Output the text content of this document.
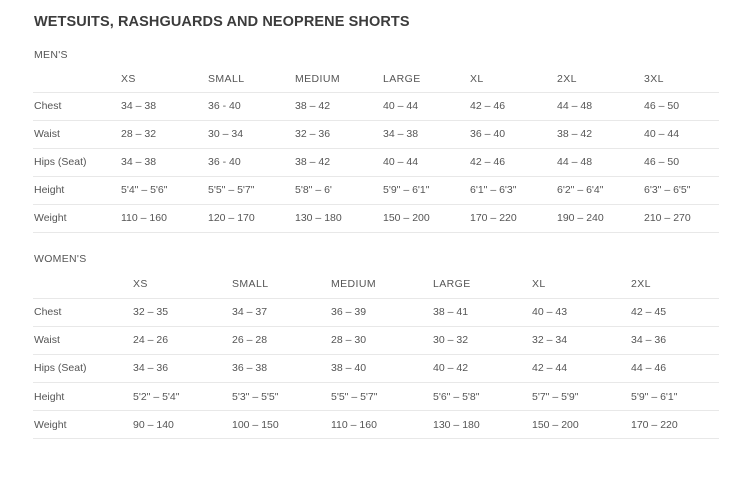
WETSUITS, RASHGUARDS AND NEOPRENE SHORTS
MEN'S
	XS	SMALL	MEDIUM	LARGE	XL	2XL	3XL
Chest	34 – 38	36 - 40	38 – 42	40 – 44	42 – 46	44 – 48	46 – 50
Waist	28 – 32	30 – 34	32 – 36	34 – 38	36 – 40	38 – 42	40 – 44
Hips (Seat)	34 – 38	36 - 40	38 – 42	40 – 44	42 – 46	44 – 48	46 – 50
Height	5'4" – 5'6"	5'5" – 5'7"	5'8" – 6'	5'9" – 6'1"	6'1" – 6'3"	6'2" – 6'4"	6'3" – 6'5"
Weight	110 – 160	120 – 170	130 – 180	150 – 200	170 – 220	190 – 240	210 – 270
WOMEN'S
	XS	SMALL	MEDIUM	LARGE	XL	2XL
Chest	32 – 35	34 – 37	36 – 39	38 – 41	40 – 43	42 – 45
Waist	24 – 26	26 – 28	28 – 30	30 – 32	32 – 34	34 – 36
Hips (Seat)	34 – 36	36 – 38	38 – 40	40 – 42	42 – 44	44 – 46
Height	5'2" – 5'4"	5'3" – 5'5"	5'5" – 5'7"	5'6" – 5'8"	5'7" – 5'9"	5'9" – 6'1"
Weight	90 – 140	100 – 150	110 – 160	130 – 180	150 – 200	170 – 220
